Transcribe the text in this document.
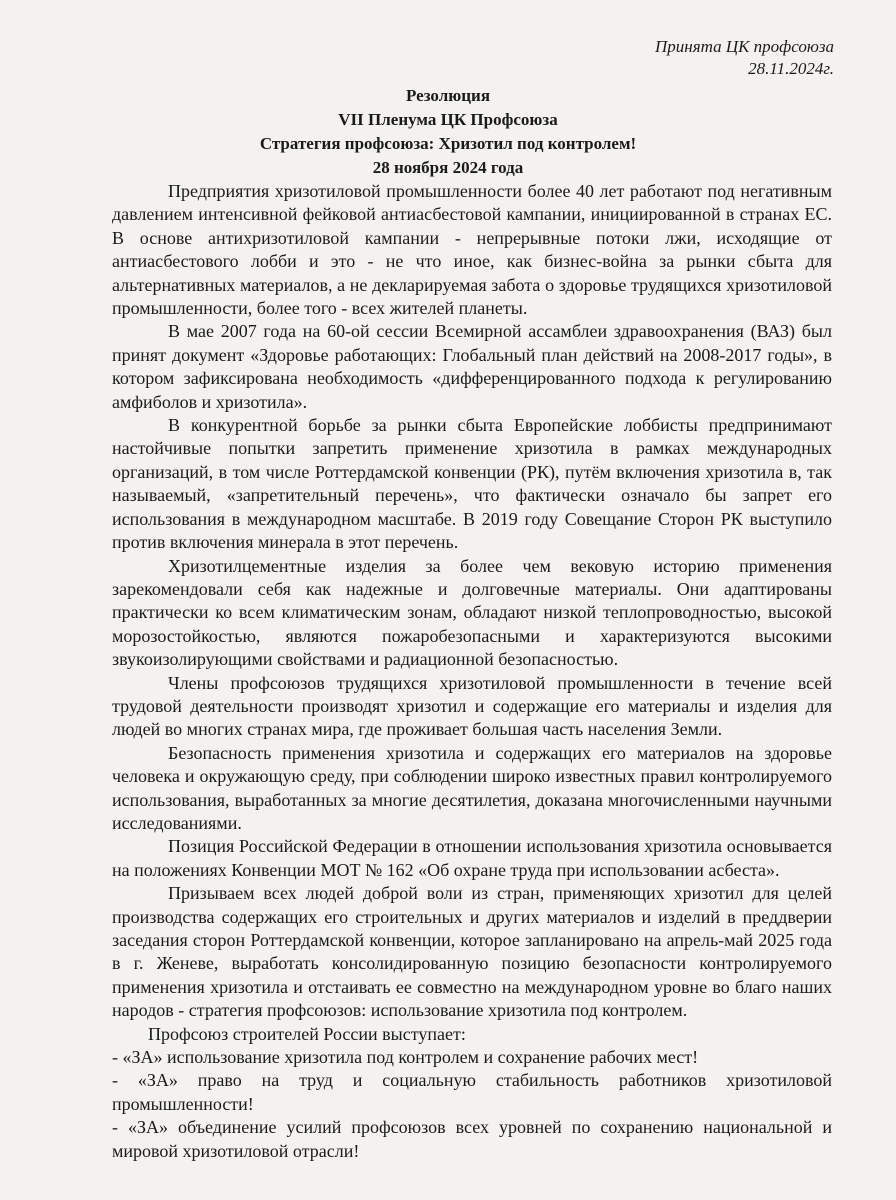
Принята ЦК профсоюза
28.11.2024г.
Резолюция
VII Пленума ЦК Профсоюза
Стратегия профсоюза: Хризотил под контролем!
28 ноября 2024 года

Предприятия хризотиловой промышленности более 40 лет работают под негативным давлением интенсивной фейковой антиасбестовой кампании, инициированной в странах ЕС. В основе антихризотиловой кампании - непрерывные потоки лжи, исходящие от антиасбестового лобби и это - не что иное, как бизнес-война за рынки сбыта для альтернативных материалов, а не декларируемая забота о здоровье трудящихся хризотиловой промышленности, более того - всех жителей планеты.

В мае 2007 года на 60-ой сессии Всемирной ассамблеи здравоохранения (ВАЗ) был принят документ «Здоровье работающих: Глобальный план действий на 2008-2017 годы», в котором зафиксирована необходимость «дифференцированного подхода к регулированию амфиболов и хризотила».

В конкурентной борьбе за рынки сбыта Европейские лоббисты предпринимают настойчивые попытки запретить применение хризотила в рамках международных организаций, в том числе Роттердамской конвенции (РК), путём включения хризотила в, так называемый, «запретительный перечень», что фактически означало бы запрет его использования в международном масштабе. В 2019 году Совещание Сторон РК выступило против включения минерала в этот перечень.

Хризотилцементные изделия за более чем вековую историю применения зарекомендовали себя как надежные и долговечные материалы. Они адаптированы практически ко всем климатическим зонам, обладают низкой теплопроводностью, высокой морозостойкостью, являются пожаробезопасными и характеризуются высокими звукоизолирующими свойствами и радиационной безопасностью.

Члены профсоюзов трудящихся хризотиловой промышленности в течение всей трудовой деятельности производят хризотил и содержащие его материалы и изделия для людей во многих странах мира, где проживает большая часть населения Земли.

Безопасность применения хризотила и содержащих его материалов на здоровье человека и окружающую среду, при соблюдении широко известных правил контролируемого использования, выработанных за многие десятилетия, доказана многочисленными научными исследованиями.

Позиция Российской Федерации в отношении использования хризотила основывается на положениях Конвенции МОТ № 162 «Об охране труда при использовании асбеста».

Призываем всех людей доброй воли из стран, применяющих хризотил для целей производства содержащих его строительных и других материалов и изделий в преддверии заседания сторон Роттердамской конвенции, которое запланировано на апрель-май 2025 года в г. Женеве, выработать консолидированную позицию безопасности контролируемого применения хризотила и отстаивать ее совместно на международном уровне во благо наших народов - стратегия профсоюзов: использование хризотила под контролем.

Профсоюз строителей России выступает:

- «ЗА» использование хризотила под контролем и сохранение рабочих мест!

- «ЗА» право на труд и социальную стабильность работников хризотиловой промышленности!

- «ЗА» объединение усилий профсоюзов всех уровней по сохранению национальной и мировой хризотиловой отрасли!
